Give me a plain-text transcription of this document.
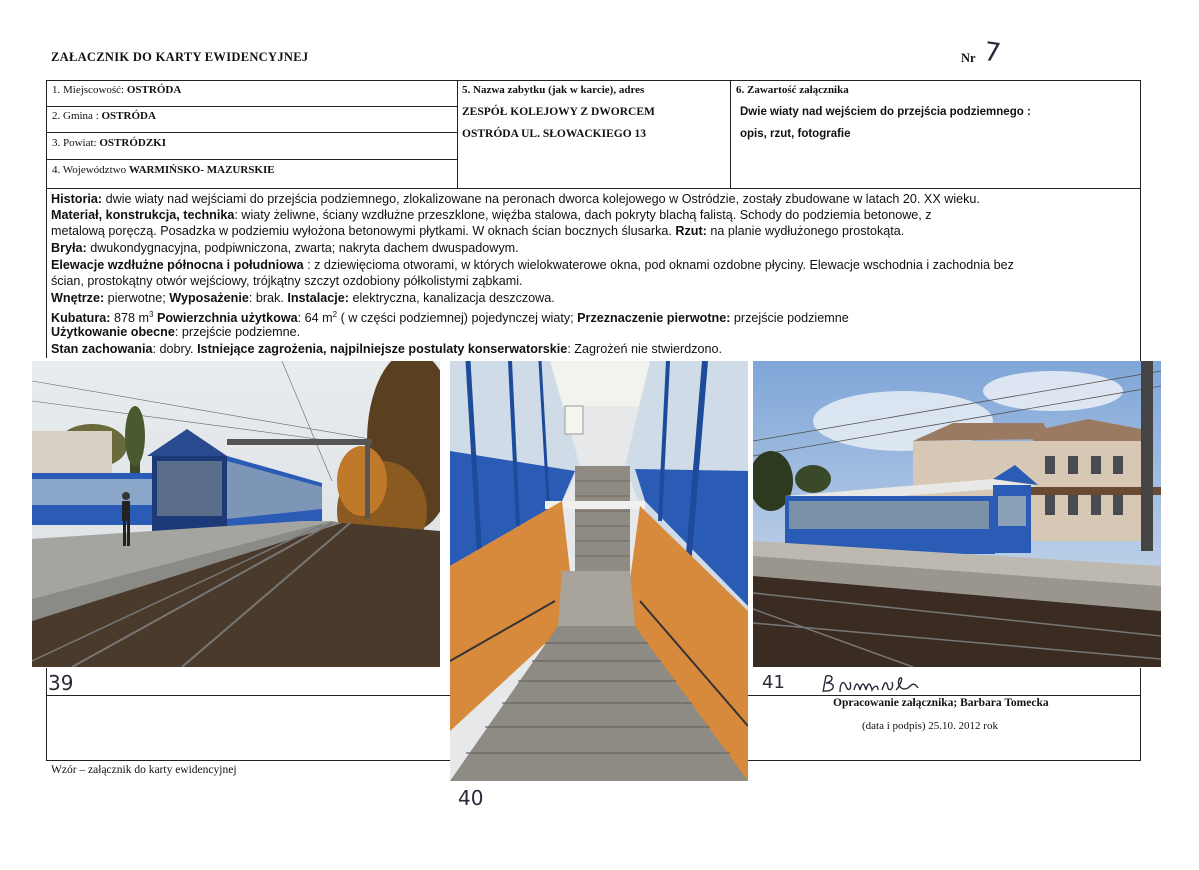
ZAŁACZNIK DO KARTY EWIDENCYJNEJ	Nr 7
1. Miejscowość: OSTRÓDA
2. Gmina : OSTRÓDA
3. Powiat: OSTRÓDZKI
4. Województwo WARMIŃSKO- MAZURSKIE
5. Nazwa zabytku (jak w karcie), adres
ZESPÓŁ KOLEJOWY Z DWORCEM
OSTRÓDA UL. SŁOWACKIEGO 13
6. Zawartość załącznika
Dwie wiaty nad wejściem do przejścia podziemnego :
opis, rzut, fotografie
Historia: dwie wiaty nad wejściami do przejścia podziemnego, zlokalizowane na peronach dworca kolejowego w Ostródzie, zostały zbudowane w latach 20. XX wieku.
Materiał, konstrukcja, technika: wiaty żeliwne, ściany wzdłużne przeszklone, więźba stalowa, dach pokryty blachą falistą. Schody do podziemia betonowe, z
metalową poręczą. Posadzka w podziemiu wyłożona betonowymi płytkami. W oknach ścian bocznych ślusarka. Rzut: na planie wydłużonego prostokąta.
Bryła: dwukondygnacyjna, podpiwniczona, zwarta; nakryta dachem dwuspadowym.
Elewacje wzdłużne północna i południowa : z dziewięcioma otworami, w których wielokwaterowe okna, pod oknami ozdobne płyciny. Elewacje wschodnia i zachodnia bez
ścian, prostokątny otwór wejściowy, trójkątny szczyt ozdobiony półkolistymi ząbkami.
Wnętrze: pierwotne; Wyposażenie: brak. Instalacje: elektryczna, kanalizacja deszczowa.
Kubatura: 878 $m^3$ Powierzchnia użytkowa: 64 $m^2$ ( w części podziemnej) pojedynczej wiaty; Przeznaczenie pierwotne: przejście podziemne
Użytkowanie obecne: przejście podziemne.
Stan zachowania: dobry. Istniejące zagrożenia, najpilniejsze postulaty konserwatorskie: Zagrożeń nie stwierdzono.
39
40
41
Opracowanie załącznika; Barbara Tomecka
(data i podpis) 25.10. 2012 rok
Wzór – załącznik do karty ewidencyjnej
